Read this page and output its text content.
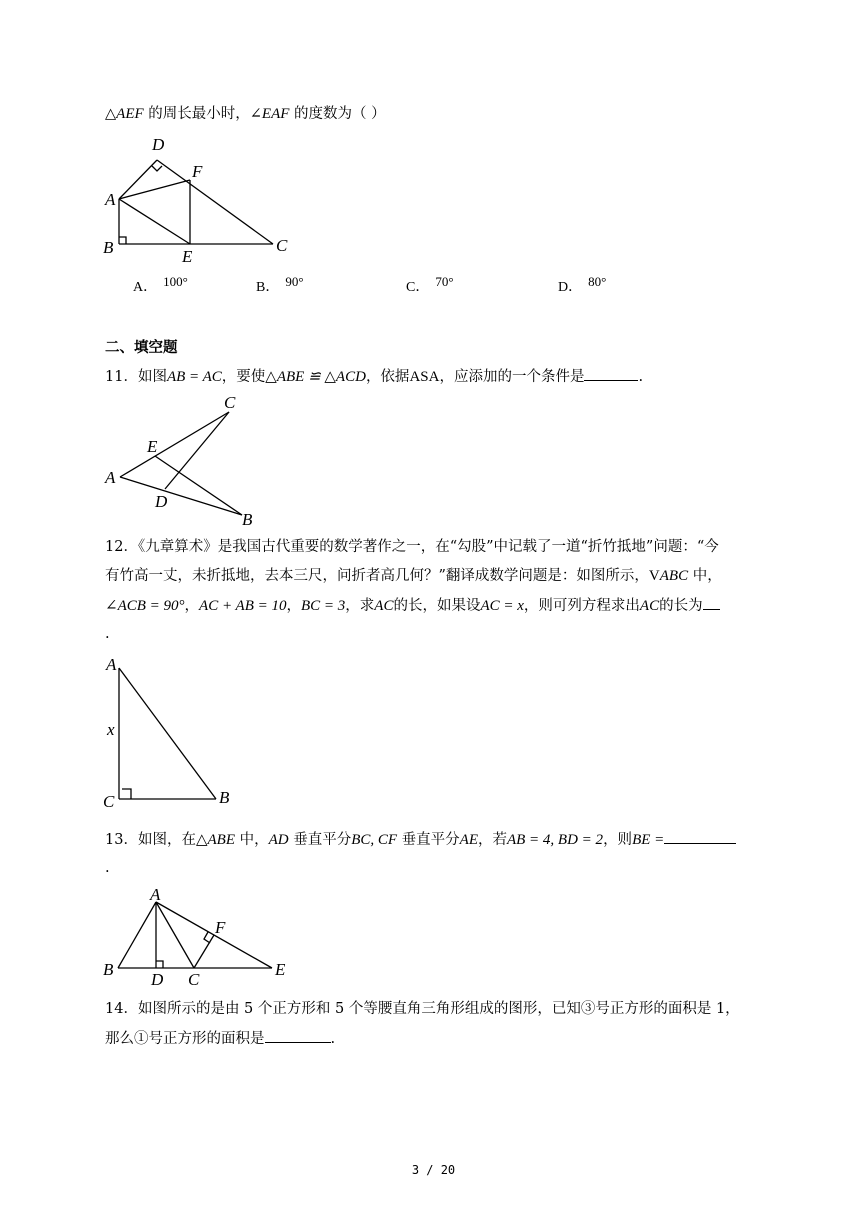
△AEF 的周长最小时，∠EAF 的度数为（ ）
D
F
A
B	E
C
A． 100°	B． 90°	C． 70°	D． 80°
二、填空题
11．如图AB = AC，要使△ABE ≌ △ACD，依据ASA，应添加的一个条件是	.
C
E
A
D
B
12．《九章算术》是我国古代重要的数学著作之一，在“勾股”中记载了一道“折竹抵地”问题：“今
有竹高一丈，未折抵地，去本三尺，问折者高几何？”翻译成数学问题是：如图所示，VABC 中，
∠ACB = 90°，AC + AB = 10，BC = 3，求AC的长，如果设AC = x，则可列方程求出AC的长为
.
A
x
C	B
13．如图，在△ABE 中，AD 垂直平分BC, CF 垂直平分AE，若AB = 4, BD = 2，则BE =
.
A
F
B
D C
E
14．如图所示的是由 5 个正方形和 5 个等腰直角三角形组成的图形，已知③号正方形的面积是 1，
那么①号正方形的面积是	.
3 / 20
